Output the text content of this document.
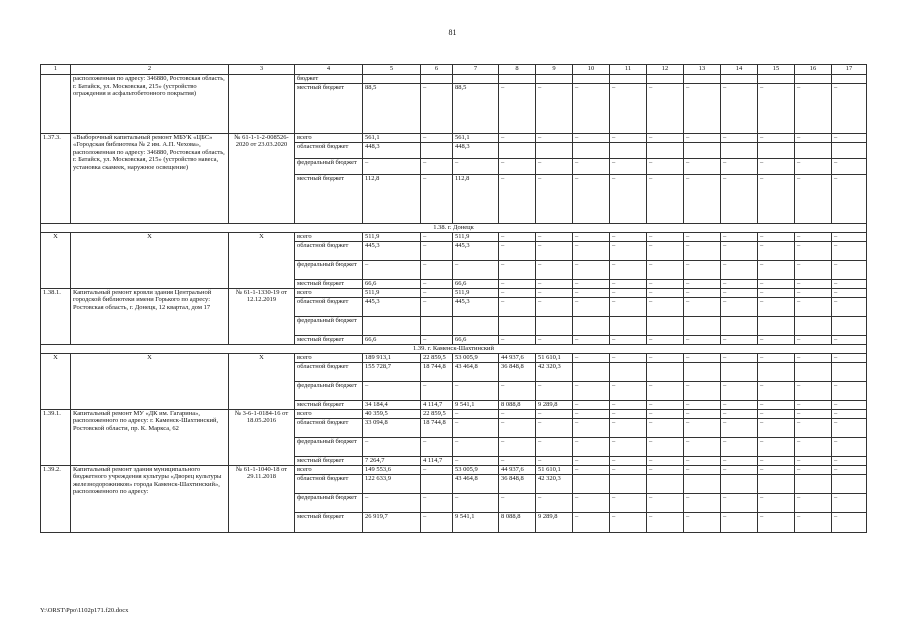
81
1	2	3	4	5	6	7	8	9	10	11	12	13	14	15	16	17
	расположенная по адресу: 346880, Ростовская область, г. Батайск, ул. Московская, 215» (устройство ограждения и асфальтобетонного покрытия)		бюджет													
			местный бюджет	88,5	–	88,5	–	–	–	–	–	–	–	–	–	–
1.37.3.	«Выборочный капитальный ремонт МБУК «ЦБС» «Городская библиотека № 2 им. А.П. Чехова», расположенная по адресу: 346880, Ростовская область, г. Батайск, ул. Московская, 215» (устройство навеса, установка скамеек, наружное освещение)	№ 61-1-1-2-008526-2020 от 23.03.2020	всего	561,1	–	561,1	–	–	–	–	–	–	–	–	–	–
			областной бюджет	448,3		448,3										
			федеральный бюджет	–	–	–	–	–	–	–	–	–	–	–	–	–
			местный бюджет	112,8	–	112,8	–	–	–	–	–	–	–	–	–	–
1.38. г. Донецк																
Х	Х	Х	всего	511,9	–	511,9	–	–	–	–	–	–	–	–	–	–
			областной бюджет	445,3	–	445,3	–	–	–	–	–	–	–	–	–	–
			федеральный бюджет	–	–	–	–	–	–	–	–	–	–	–	–	–
			местный бюджет	66,6	–	66,6	–	–	–	–	–	–	–	–	–	–
1.38.1.	Капитальный ремонт кровли здания Центральной городской библиотеки имени Горького по адресу: Ростовская область, г. Донецк, 12 квартал, дом 17	№ 61-1-1330-19 от 12.12.2019	всего	511,9	–	511,9	–	–	–	–	–	–	–	–	–	–
			областной бюджет	445,3	–	445,3	–	–	–	–	–	–	–	–	–	–
			федеральный бюджет													
			местный бюджет	66,6	–	66,6	–	–	–	–	–	–	–	–	–	–
1.39. г. Каменск-Шахтинский																
Х	Х	Х	всего	189 913,1	22 859,5	53 005,9	44 937,6	51 610,1	–	–	–	–	–	–	–	–
			областной бюджет	155 728,7	18 744,8	43 464,8	36 848,8	42 320,3								
			федеральный бюджет	–	–	–	–	–	–	–	–	–	–	–	–	–
			местный бюджет	34 184,4	4 114,7	9 541,1	8 088,8	9 289,8	–	–	–	–	–	–	–	–
1.39.1.	Капитальный ремонт МУ «ДК им. Гагарина», расположенного по адресу: г. Каменск-Шахтинский, Ростовской области, пр. К. Маркса, 62	№ 3-6-1-0184-16 от 18.05.2016	всего	40 359,5	22 859,5	–	–	–	–	–	–	–	–	–	–	–
			областной бюджет	33 094,8	18 744,8	–	–	–	–	–	–	–	–	–	–	–
			федеральный бюджет	–	–	–	–	–	–	–	–	–	–	–	–	–
			местный бюджет	7 264,7	4 114,7	–	–	–	–	–	–	–	–	–	–	–
1.39.2.	Капитальный ремонт здания муниципального бюджетного учреждения культуры «Дворец культуры железнодорожников» города Каменск-Шахтинский», расположенного по адресу:	№ 61-1-1040-18 от 29.11.2018	всего	149 553,6	–	53 005,9	44 937,6	51 610,1	–	–	–	–	–	–	–	–
			областной бюджет	122 633,9		43 464,8	36 848,8	42 320,3								
			федеральный бюджет	–	–	–	–	–	–	–	–	–	–	–	–	–
			местный бюджет	26 919,7	–	9 541,1	8 088,8	9 289,8	–	–	–	–	–	–	–	–
Y:\ORST\Ppo\1102p171.f20.docx
